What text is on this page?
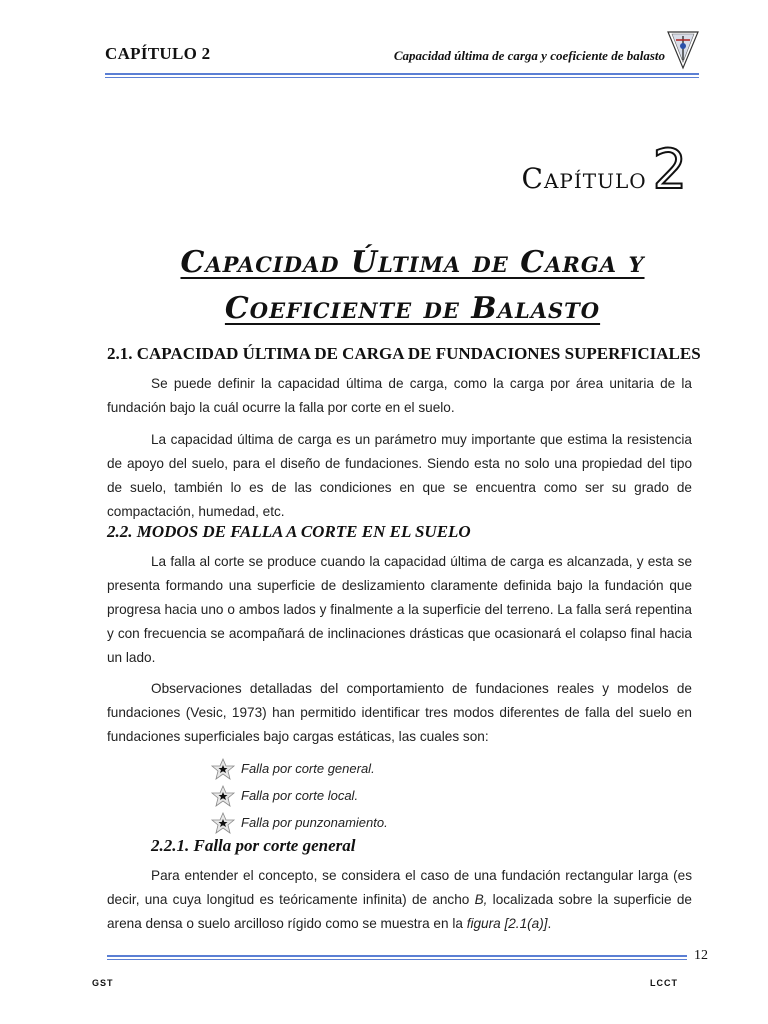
CAPÍTULO 2	Capacidad última de carga y coeficiente de balasto
Capítulo 2
Capacidad Última de Carga y
Coeficiente de Balasto
2.1. CAPACIDAD ÚLTIMA DE CARGA DE FUNDACIONES SUPERFICIALES
Se puede definir la capacidad última de carga, como la carga por área unitaria de la fundación bajo la cuál ocurre la falla por corte en el suelo.
La capacidad última de carga es un parámetro muy importante que estima la resistencia de apoyo del suelo, para el diseño de fundaciones. Siendo esta no solo una propiedad del tipo de suelo, también lo es de las condiciones en que se encuentra como ser su grado de compactación, humedad, etc.
2.2. MODOS DE FALLA A CORTE EN EL SUELO
La falla al corte se produce cuando la capacidad última de carga es alcanzada, y esta se presenta formando una superficie de deslizamiento claramente definida bajo la fundación que progresa hacia uno o ambos lados y finalmente a la superficie del terreno. La falla será repentina y con frecuencia se acompañará de inclinaciones drásticas que ocasionará el colapso final hacia un lado.
Observaciones detalladas del comportamiento de fundaciones reales y modelos de fundaciones (Vesic, 1973) han permitido identificar tres modos diferentes de falla del suelo en fundaciones superficiales bajo cargas estáticas, las cuales son:
Falla por corte general.
Falla por corte local.
Falla por punzonamiento.
2.2.1. Falla por corte general
Para entender el concepto, se considera el caso de una fundación rectangular larga (es decir, una cuya longitud es teóricamente infinita) de ancho B, localizada sobre la superficie de arena densa o suelo arcilloso rígido como se muestra en la figura [2.1(a)].
12
GST	LCCT
